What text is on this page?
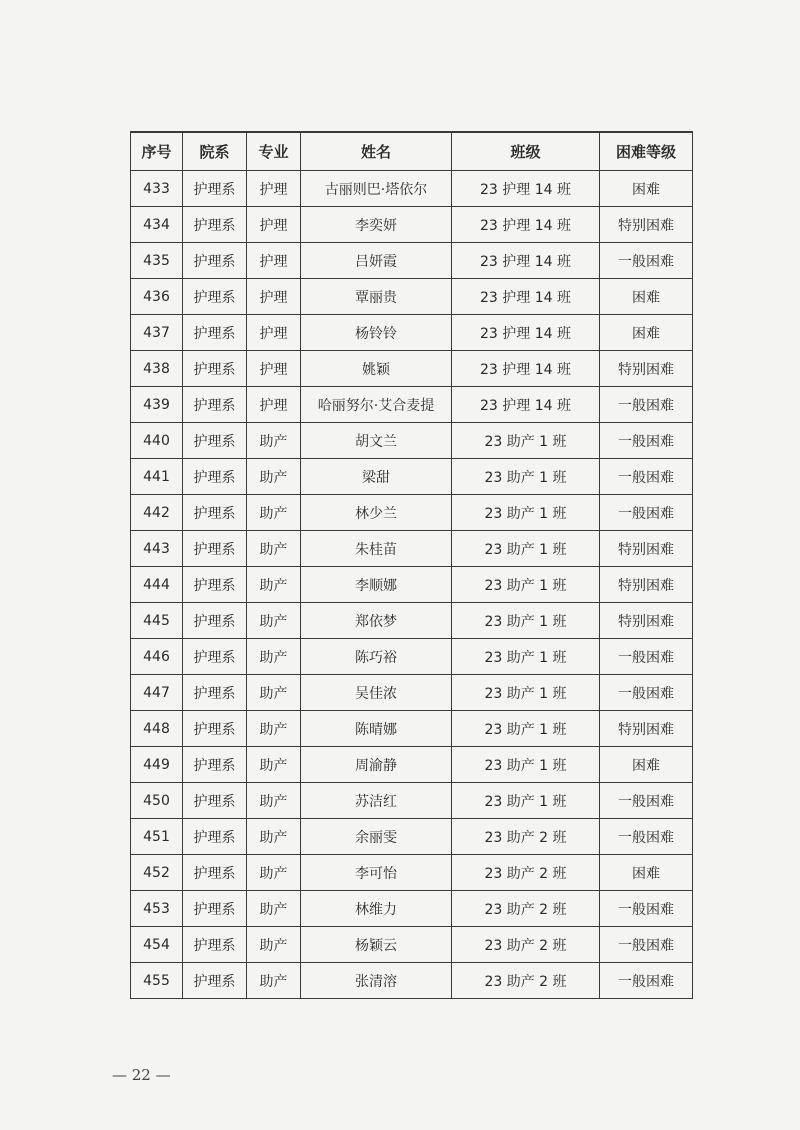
序号	院系	专业	姓名	班级	困难等级
433	护理系	护理	古丽则巴·塔依尔	23 护理 14 班	困难
434	护理系	护理	李奕妍	23 护理 14 班	特别困难
435	护理系	护理	吕妍霞	23 护理 14 班	一般困难
436	护理系	护理	覃丽贵	23 护理 14 班	困难
437	护理系	护理	杨铃铃	23 护理 14 班	困难
438	护理系	护理	姚颖	23 护理 14 班	特别困难
439	护理系	护理	哈丽努尔·艾合麦提	23 护理 14 班	一般困难
440	护理系	助产	胡文兰	23 助产 1 班	一般困难
441	护理系	助产	梁甜	23 助产 1 班	一般困难
442	护理系	助产	林少兰	23 助产 1 班	一般困难
443	护理系	助产	朱桂苗	23 助产 1 班	特别困难
444	护理系	助产	李顺娜	23 助产 1 班	特别困难
445	护理系	助产	郑依梦	23 助产 1 班	特别困难
446	护理系	助产	陈巧裕	23 助产 1 班	一般困难
447	护理系	助产	吴佳浓	23 助产 1 班	一般困难
448	护理系	助产	陈晴娜	23 助产 1 班	特别困难
449	护理系	助产	周渝静	23 助产 1 班	困难
450	护理系	助产	苏洁红	23 助产 1 班	一般困难
451	护理系	助产	余丽雯	23 助产 2 班	一般困难
452	护理系	助产	李可怡	23 助产 2 班	困难
453	护理系	助产	林维力	23 助产 2 班	一般困难
454	护理系	助产	杨颖云	23 助产 2 班	一般困难
455	护理系	助产	张清溶	23 助产 2 班	一般困难
— 22 —
